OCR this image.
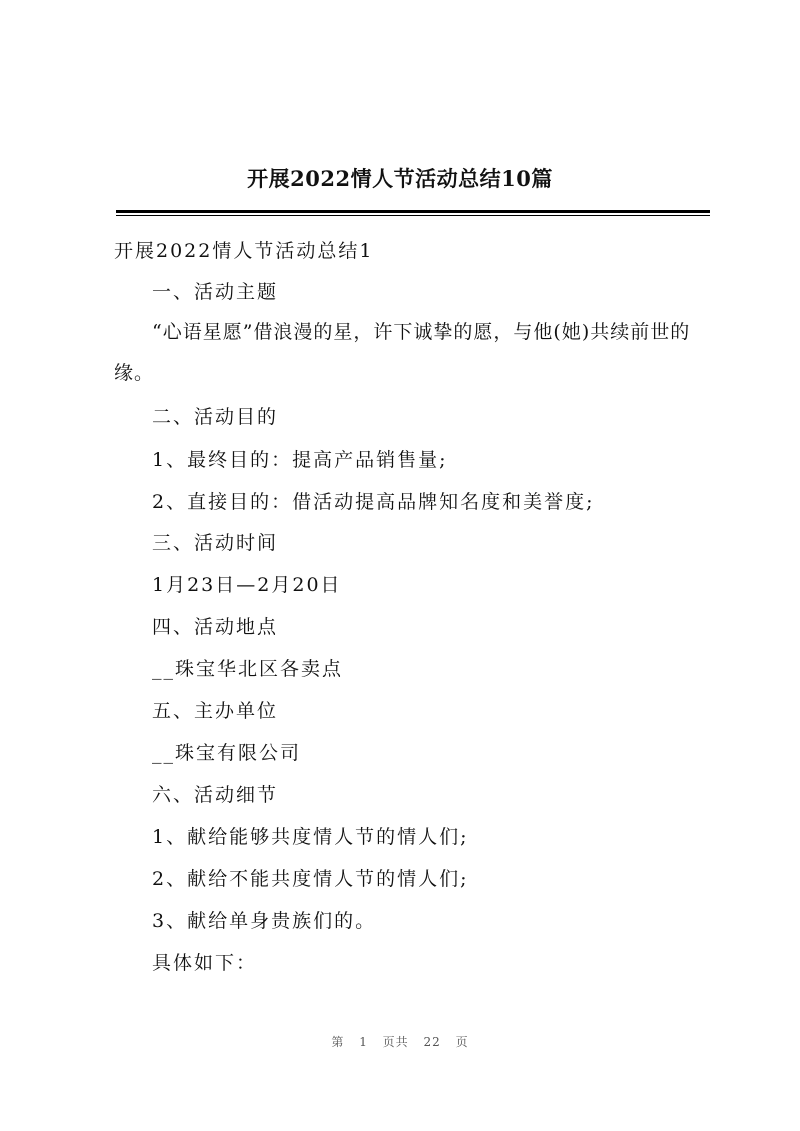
开展2022情人节活动总结10篇

开展2022情人节活动总结1

一、活动主题

“心语星愿”借浪漫的星，许下诚挚的愿，与他(她)共续前世的缘。

二、活动目的

1、最终目的：提高产品销售量;

2、直接目的：借活动提高品牌知名度和美誉度;

三、活动时间

1月23日—2月20日

四、活动地点

__珠宝华北区各卖点

五、主办单位

__珠宝有限公司

六、活动细节

1、献给能够共度情人节的情人们;

2、献给不能共度情人节的情人们;

3、献给单身贵族们的。

具体如下：

第 1 页共 22 页
